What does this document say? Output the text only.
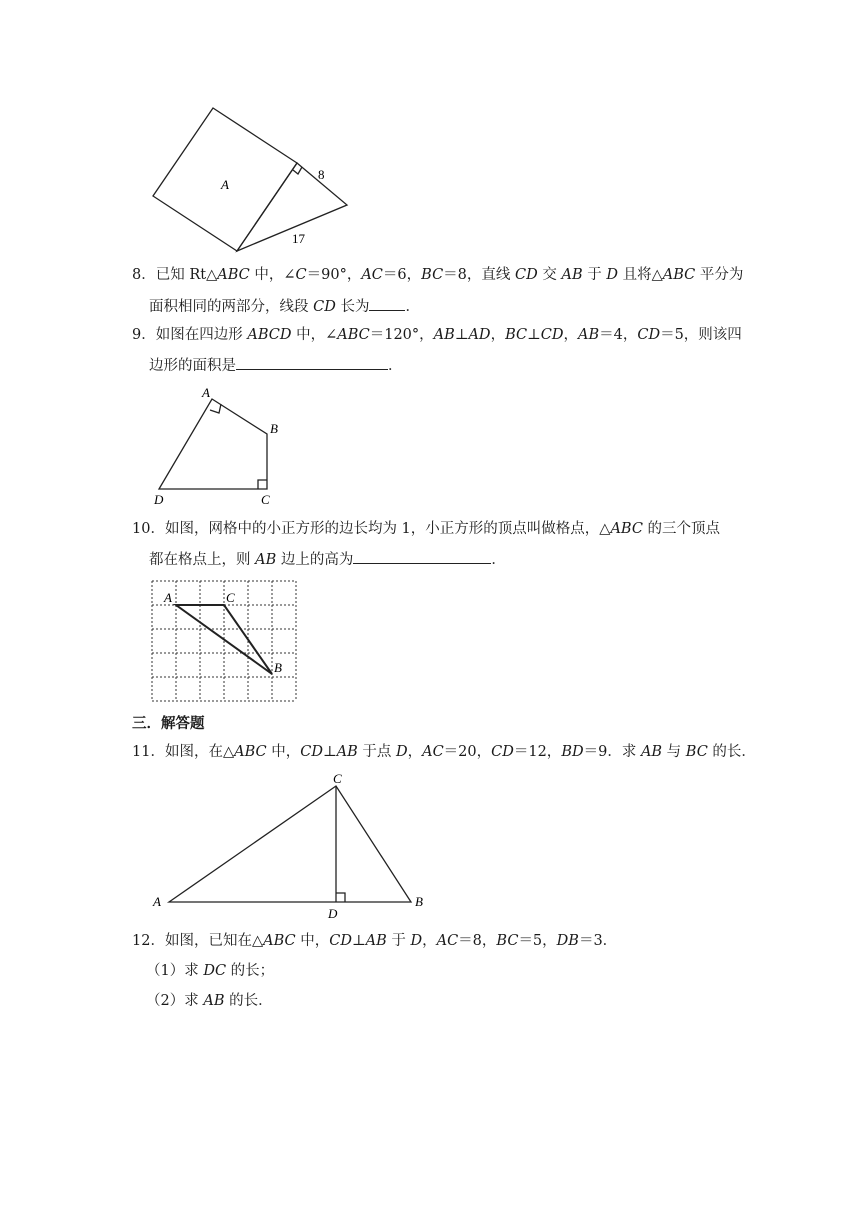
A
8
17
8．已知 Rt△ABC 中，∠C＝90°，AC＝6，BC＝8，直线 CD 交 AB 于 D 且将△ABC 平分为
面积相同的两部分，线段 CD 长为 ．
9．如图在四边形 ABCD 中，∠ABC＝120°，AB⊥AD，BC⊥CD，AB＝4，CD＝5，则该四
边形的面积是	．
A
B
C
D
10．如图，网格中的小正方形的边长均为 1，小正方形的顶点叫做格点，△ABC 的三个顶点
都在格点上，则 AB 边上的高为	．
A	C
B
三．解答题
11．如图，在△ABC 中，CD⊥AB 于点 D，AC＝20，CD＝12，BD＝9．求 AB 与 BC 的长．
C
A	B
D
12．如图，已知在△ABC 中，CD⊥AB 于 D，AC＝8，BC＝5，DB＝3．
（1）求 DC 的长；
（2）求 AB 的长．
